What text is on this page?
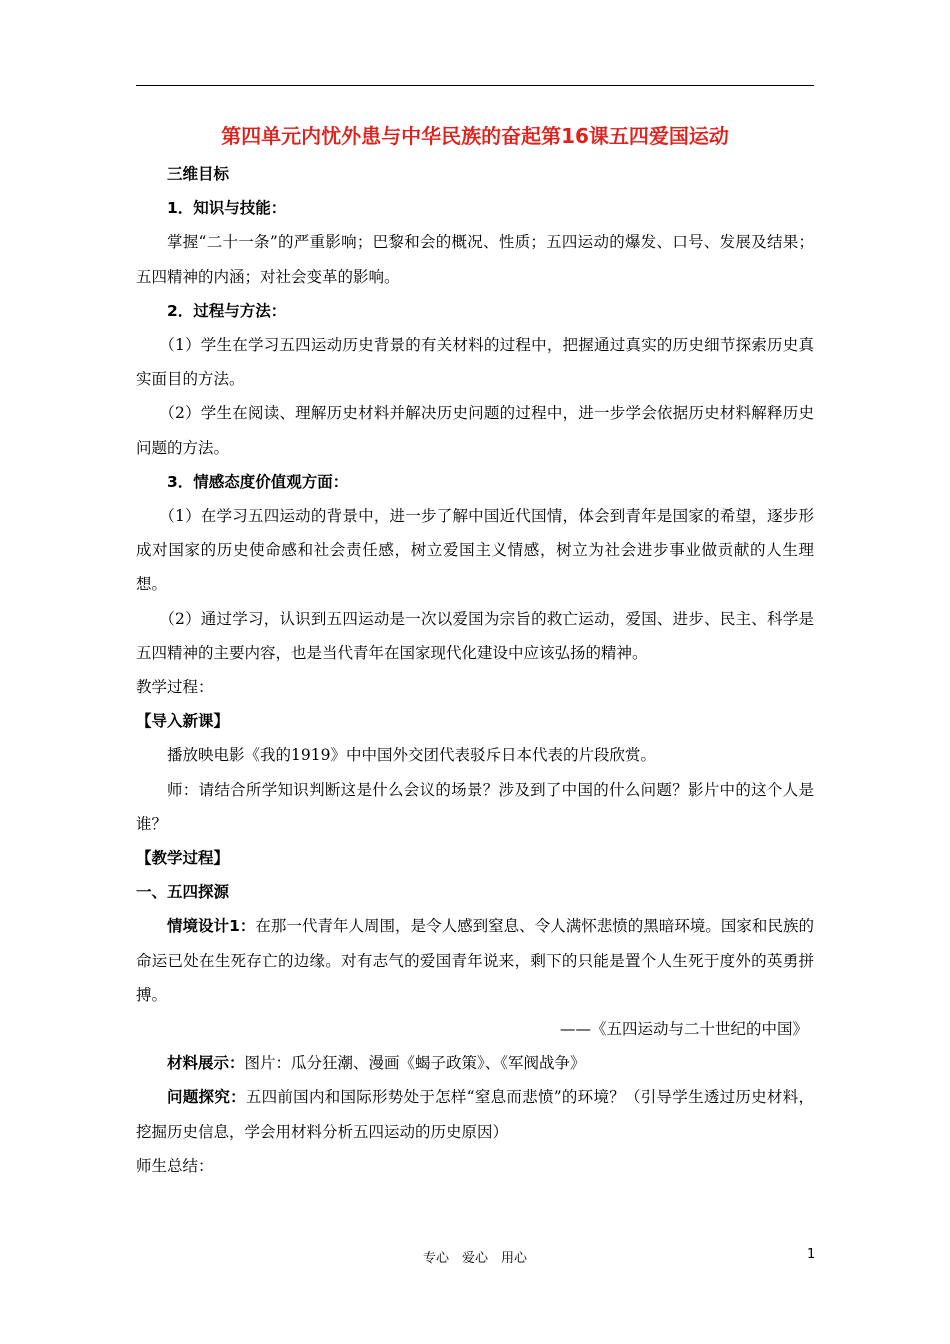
第四单元内忧外患与中华民族的奋起第16课五四爱国运动

三维目标

1．知识与技能：

掌握“二十一条”的严重影响；巴黎和会的概况、性质；五四运动的爆发、口号、发展及结果；五四精神的内涵；对社会变革的影响。

2．过程与方法：

（1）学生在学习五四运动历史背景的有关材料的过程中，把握通过真实的历史细节探索历史真实面目的方法。

（2）学生在阅读、理解历史材料并解决历史问题的过程中，进一步学会依据历史材料解释历史问题的方法。

3．情感态度价值观方面：

（1）在学习五四运动的背景中，进一步了解中国近代国情，体会到青年是国家的希望，逐步形成对国家的历史使命感和社会责任感，树立爱国主义情感，树立为社会进步事业做贡献的人生理想。

（2）通过学习，认识到五四运动是一次以爱国为宗旨的救亡运动，爱国、进步、民主、科学是五四精神的主要内容，也是当代青年在国家现代化建设中应该弘扬的精神。

教学过程：

【导入新课】

播放映电影《我的1919》中中国外交团代表驳斥日本代表的片段欣赏。

师：请结合所学知识判断这是什么会议的场景？涉及到了中国的什么问题？影片中的这个人是谁？

【教学过程】

一、五四探源

情境设计1：在那一代青年人周围，是令人感到窒息、令人满怀悲愤的黑暗环境。国家和民族的命运已处在生死存亡的边缘。对有志气的爱国青年说来，剩下的只能是置个人生死于度外的英勇拼搏。

——《五四运动与二十世纪的中国》

材料展示：图片：瓜分狂潮、漫画《蝎子政策》、《军阀战争》

问题探究：五四前国内和国际形势处于怎样“窒息而悲愤”的环境？（引导学生透过历史材料，挖掘历史信息，学会用材料分析五四运动的历史原因）

师生总结：

专心　爱心　用心	1
